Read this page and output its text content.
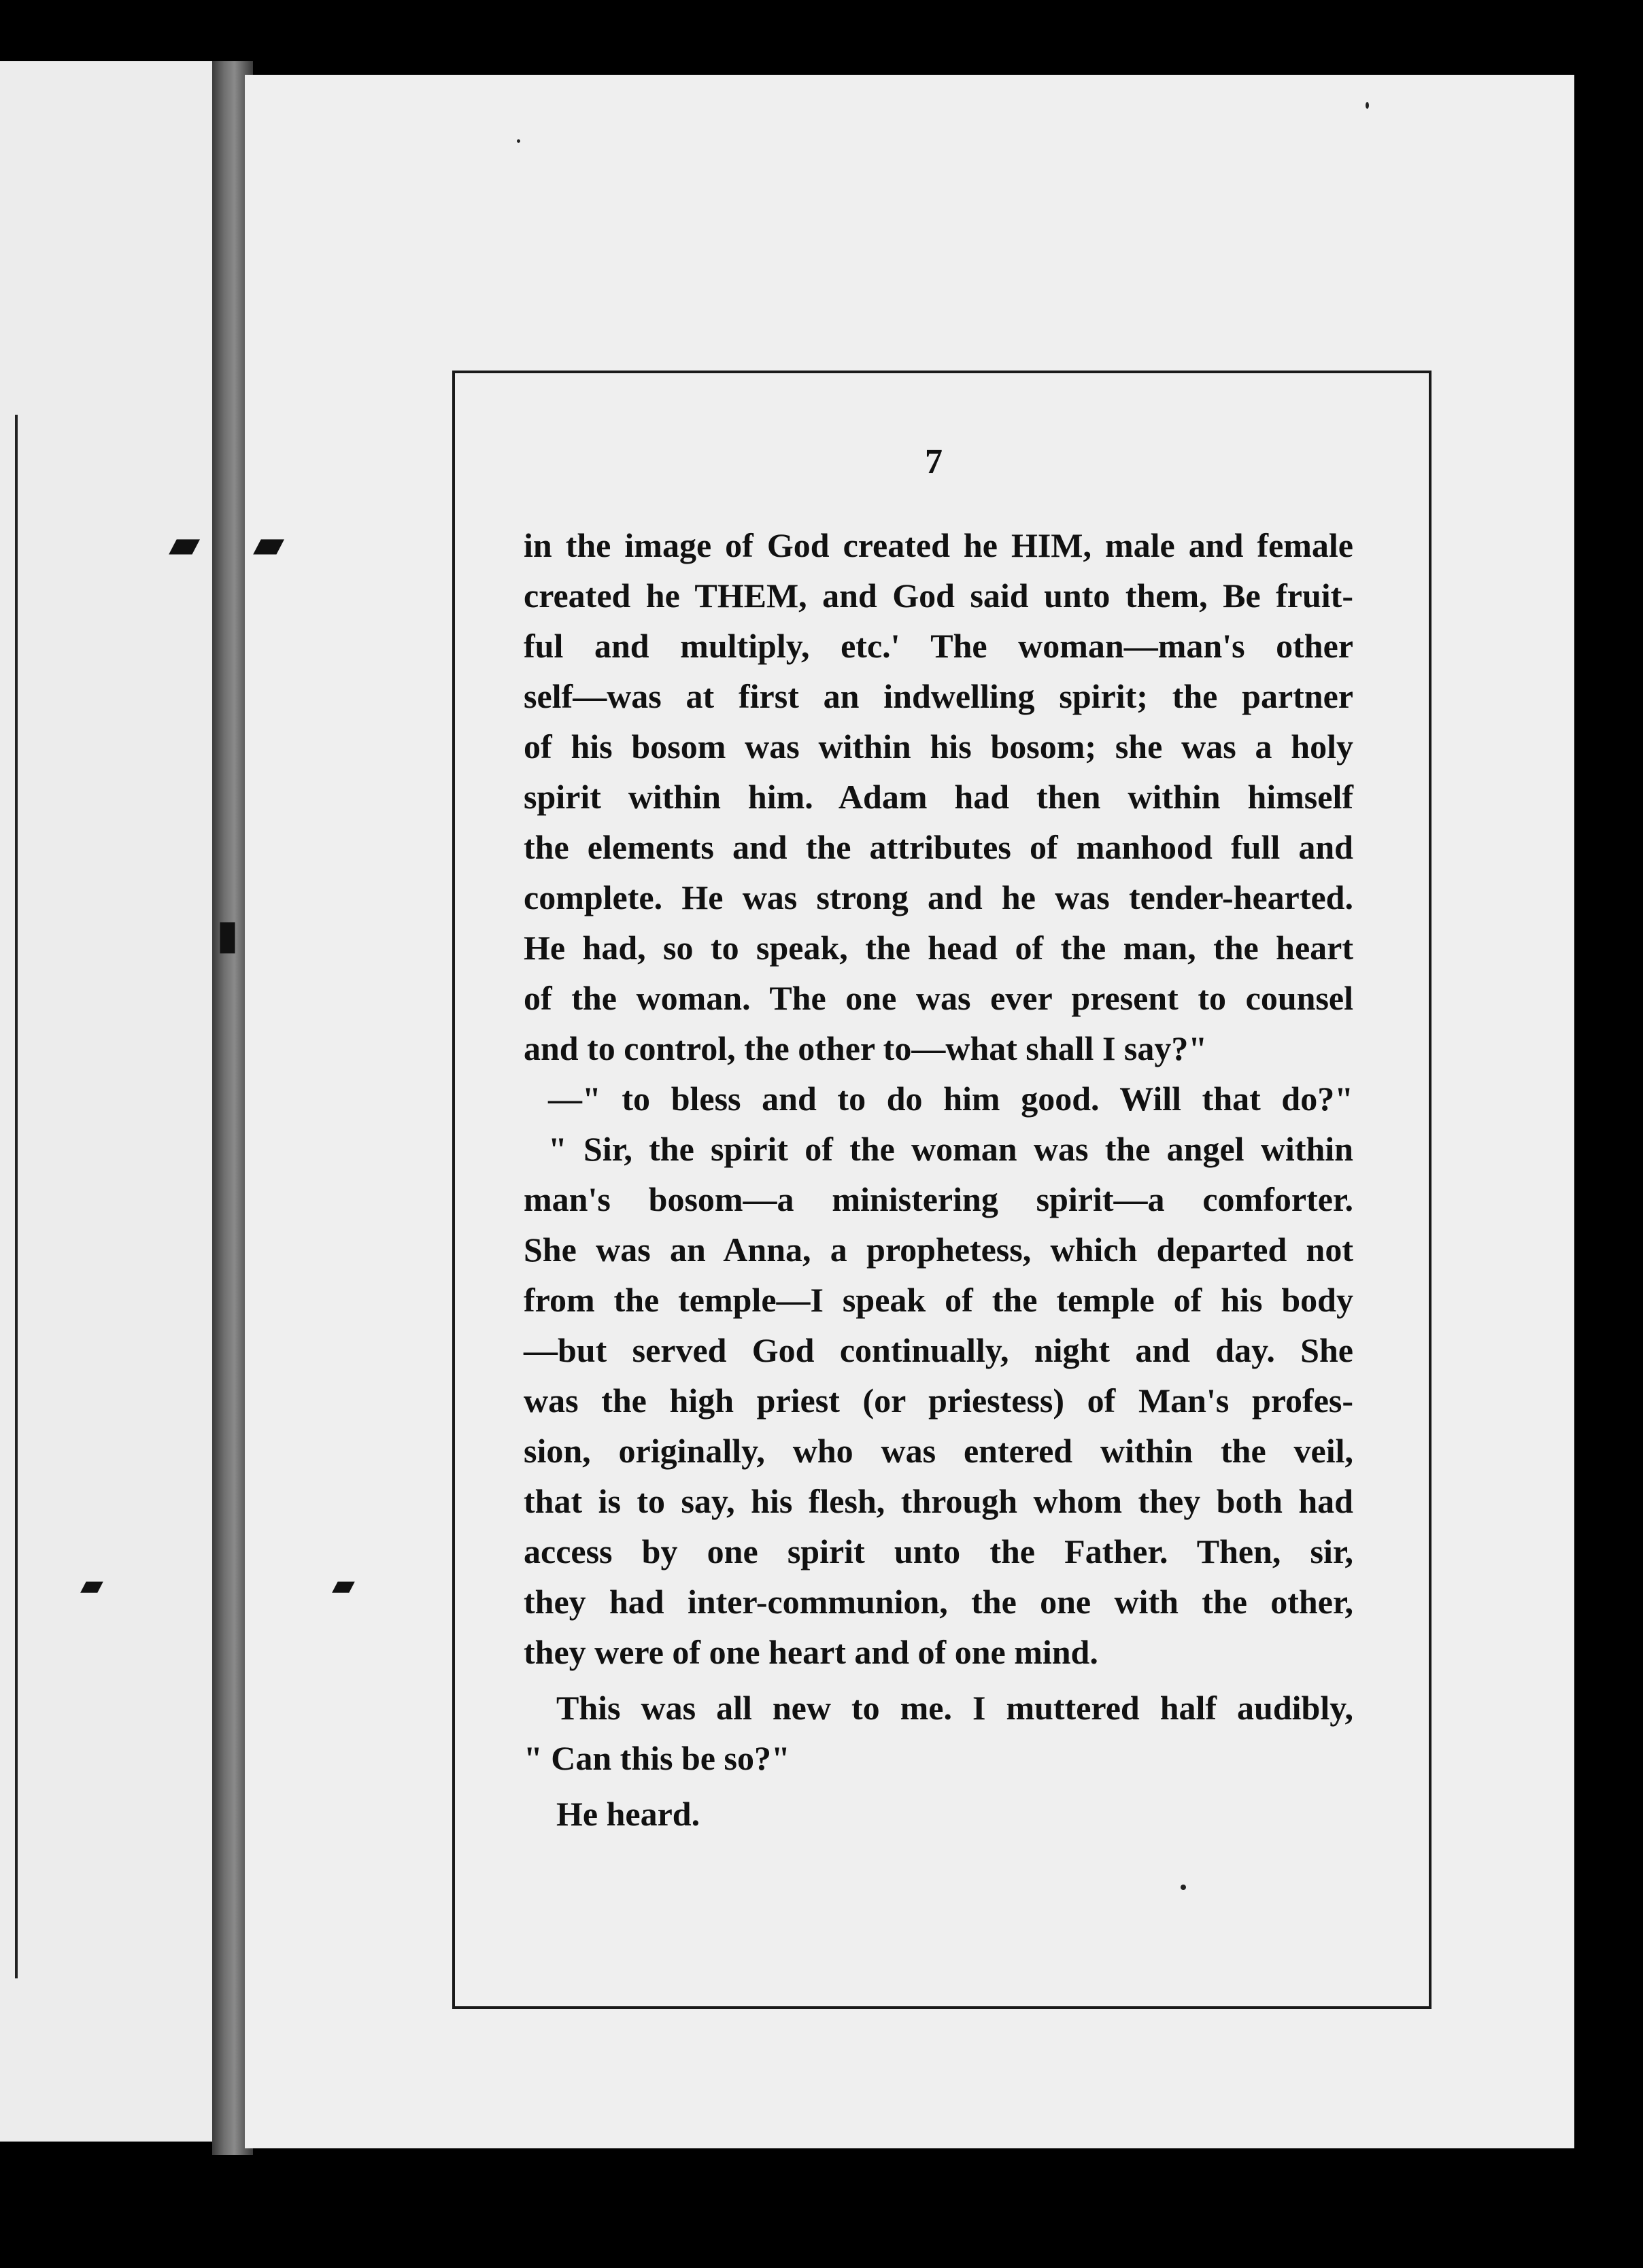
▰ ▰
▮
▰	▰
7
in the image of God created he HIM, male and female
created he THEM, and God said unto them, Be fruit-
ful and multiply, etc.' The woman—man's other
self—was at first an indwelling spirit; the partner
of his bosom was within his bosom; she was a holy
spirit within him. Adam had then within himself
the elements and the attributes of manhood full and
complete. He was strong and he was tender-hearted.
He had, so to speak, the head of the man, the heart
of the woman. The one was ever present to counsel
and to control, the other to—what shall I say?"
—" to bless and to do him good. Will that do?"
" Sir, the spirit of the woman was the angel within
man's bosom—a ministering spirit—a comforter.
She was an Anna, a prophetess, which departed not
from the temple—I speak of the temple of his body
—but served God continually, night and day. She
was the high priest (or priestess) of Man's profes-
sion, originally, who was entered within the veil,
that is to say, his flesh, through whom they both had
access by one spirit unto the Father. Then, sir,
they had inter-communion, the one with the other,
they were of one heart and of one mind.
This was all new to me. I muttered half audibly,
" Can this be so?"
He heard.
